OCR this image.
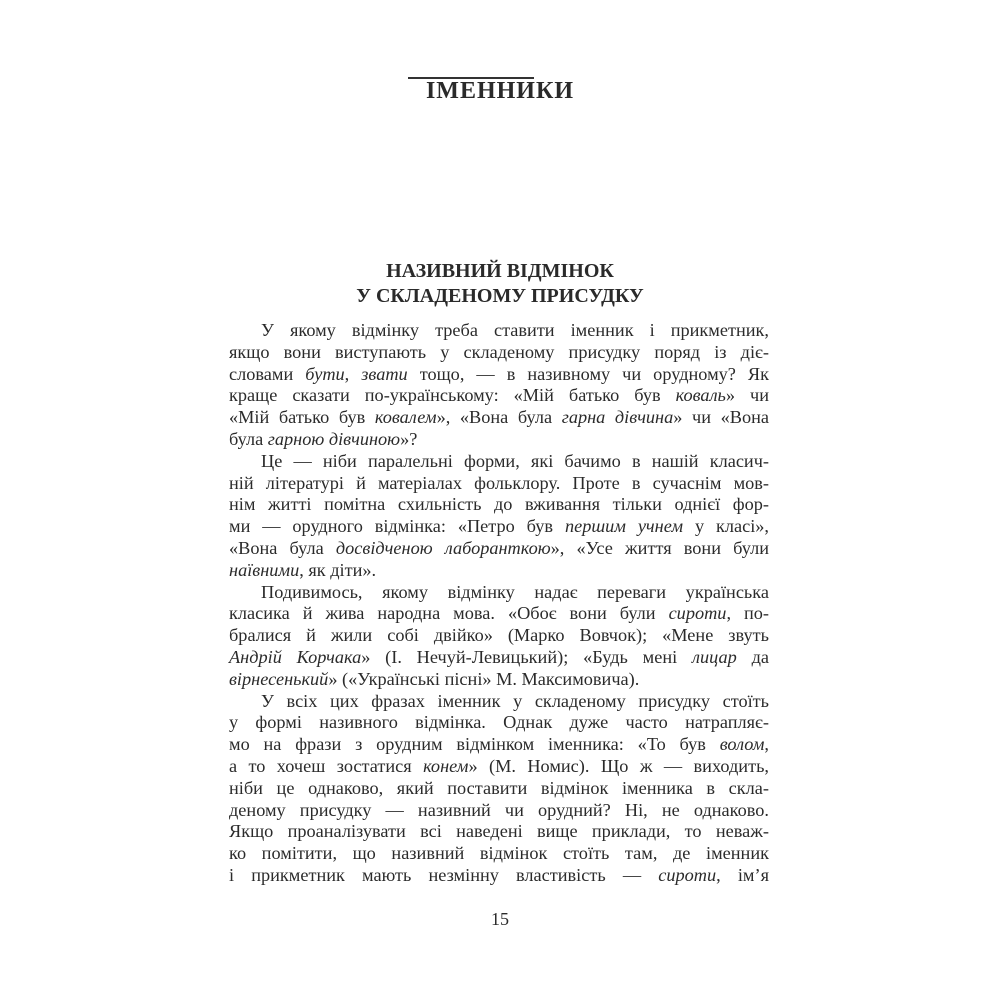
ІМЕННИКИ
НАЗИВНИЙ ВІДМІНОК
У СКЛАДЕНОМУ ПРИСУДКУ
У якому відмінку треба ставити іменник і прикметник,
якщо вони виступають у складеному присудку поряд із діє-
словами бути, звати тощо, — в називному чи орудному? Як
краще сказати по-українському: «Мій батько був коваль» чи
«Мій батько був ковалем», «Вона була гарна дівчина» чи «Вона
була гарною дівчиною»?
Це — ніби паралельні форми, які бачимо в нашій класич-
ній літературі й матеріалах фольклору. Проте в сучаснім мов-
нім житті помітна схильність до вживання тільки однієї фор-
ми — орудного відмінка: «Петро був першим учнем у класі»,
«Вона була досвідченою лаборанткою», «Усе життя вони були
наївними, як діти».
Подивимось, якому відмінку надає переваги українська
класика й жива народна мова. «Обоє вони були сироти, по-
бралися й жили собі двійко» (Марко Вовчок); «Мене звуть
Андрій Корчака» (І. Нечуй-Левицький); «Будь мені лицар да
вірнесенький» («Українські пісні» М. Максимовича).
У всіх цих фразах іменник у складеному присудку стоїть
у формі називного відмінка. Однак дуже часто натрапляє-
мо на фрази з орудним відмінком іменника: «То був волом,
а то хочеш зостатися конем» (М. Номис). Що ж — виходить,
ніби це однаково, який поставити відмінок іменника в скла-
деному присудку — називний чи орудний? Ні, не однаково.
Якщо проаналізувати всі наведені вище приклади, то неваж-
ко помітити, що називний відмінок стоїть там, де іменник
і прикметник мають незмінну властивість — сироти, ім’я
15
